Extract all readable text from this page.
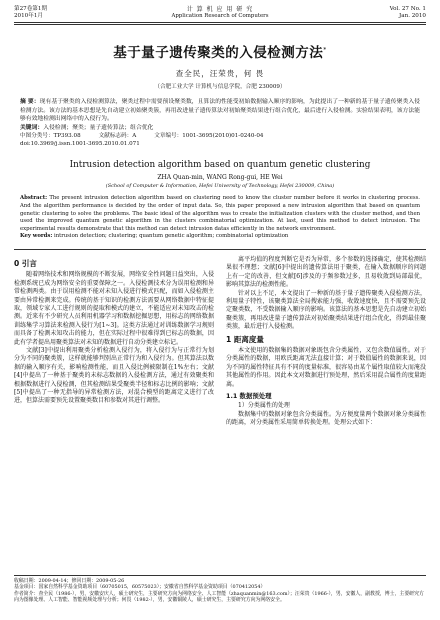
第27卷第1期
2010年1月
计 算 机 应 用 研 究
Application Research of Computers
Vol. 27 No. 1
Jan. 2010
基于量子遗传聚类的入侵检测方法*
查全民，汪荣贵，何 畏
（合肥工业大学 计算机与信息学院，合肥 230009）
摘 要：现有基于聚类的入侵检测算法，聚类过程中需要预设聚类数，且算法的性能受初始数据输入顺序的影响，为此提出了一种新的基于量子遗传聚类入侵检测方法。该方法的基本思想是先自动建立初始聚类簇，再用改进量子遗传算法对初始聚类结果进行组合优化，最后进行入侵检测。实验结果表明，该方法能够有效地检测出网络中的入侵行为。
关键词：入侵检测；聚类；量子遗传算法；组合优化
中图分类号：TP393.08	文献标志码：A	文章编号：1001-3695(2010)01-0240-04
doi:10.3969/j.issn.1001-3695.2010.01.071
Intrusion detection algorithm based on quantum genetic clustering
ZHA Quan-min, WANG Rong-gui, HE Wei
(School of Computer & Information, Hefei University of Technology, Hefei 230009, China)
Abstract: The present intrusion detection algorithm based on clustering need to know the cluster number before it works in clustering process. And the algorithm performance is decided by the order of input data. So, this paper proposed a new intrusion algorithm that based on quantum genetic clustering to solve the problems. The basic ideal of the algorithm was to create the initialization clusters with the cluster method, and then used the improved quantum genetic algorithm in the clusters combinatorial optimization. At last, used this method to detect intrusion. The experimental results demonstrate that this method can detect intrusion datas efficiently in the network environment.
Key words: intrusion detection; clustering; quantum genetic algorithm; combinatorial optimization
0 引言

随着网络技术和网络规模的不断发展，网络安全性问题日益突出，入侵检测系统已成为网络安全的重要保障之一。入侵检测技术分为误用检测和异常检测两类。由于误用检测不能对未知入侵进行模式匹配，而如入侵检测主要由异常检测来完成。传统的基于知识的检测方法需要从网络数据中特征提取，领域专家人工进行规则的提取和模式的建立，不能适应对未知攻击的检测。近来有不少研究人员利用机器学习和数据挖掘思想，用标志的网络数据训练集学习算法来检测入侵行为[1~3]。这类方法通过对训练数据学习规则而具备了检测未知攻击的能力，但在实际过程中很难得到已标志的数据，因此有学者提出用聚类算法对未知的数据进行自动分类建立标记。

文献[3]中提出利用聚类分析检测入侵行为，将入侵行为与正常行为划分为不同的聚类簇，这样就能够判别出正常行为和入侵行为。但其算法以数据的输入顺序有关，影响检测性能，而且入侵比例被限制在1%左右；文献[4]中提出了一种基于聚类的未标志数据的入侵检测方法，通过有效聚类和根据数据进行入侵检测，但其检测结果受聚类半径和标志比例的影响；文献[5]中提出了一种无指导的异常检测方法，对混合模型的距离定义进行了改进，但算法需要预先设置聚类数目和参数对其进行调整。

离平均值的程度判断它是否为异常，多个参数的选择确定，使其检测结果很不理想；文献[6]中提出的遗传算法用于聚类，在输入数据顺序的问题上有一定的改善，但文献[6]涉及的于频参数过多，且易收敛到局部最优，影响其算法的检测性能。

针对以上不足，本文提出了一种新的基于量子遗传聚类入侵检测方法，利用量子特性，该聚类算法全局搜索能力强，收敛速度快，且不需要预先设定聚类数，不受数据输入顺序的影响。该算法的基本思想是先自动建立初始聚类簇，再用改进量子遗传算法对初始聚类结果进行组合优化，得到最佳聚类簇，最后进行入侵检测。

1 距离度量

本文使用的数据集的数据对象既包含分类属性，又包含数值属性。对于分类属性的数据，用欧氏距离无法直接计算；对于数值属性的数据来说，因为不同的属性特征具有不同的度量标准，很容易由某个属性取值较大而淹没其他属性的作用。因此本文对数据进行预处理，然后采用混合属性的度量距离。

1.1 数据预处理

1）分类属性的处理

数据集中的数据对象包含分类属性。为方便度量两个数据对象分类属性的距离，对分类属性采用简单转换处理。处理公式如下：

收稿日期：2009-04-14；修回日期：2009-05-26
基金项目：国家自然科学基金资助项目（60705015，60575023）；安徽省自然科学基金资助项目（070412054）
作者简介：查全民（1986-），男，安徽安庆人，硕士研究生，主要研究方向为网络安全、人工智能（zhaquanmin@163.com）；汪荣贵（1966-），男，安徽人，副教授，博士，主要研究方向为图像处理、人工智能、智能视频处理与分析；何畏（1982-），男，安徽铜陵人，硕士研究生，主要研究方向为网络安全。
